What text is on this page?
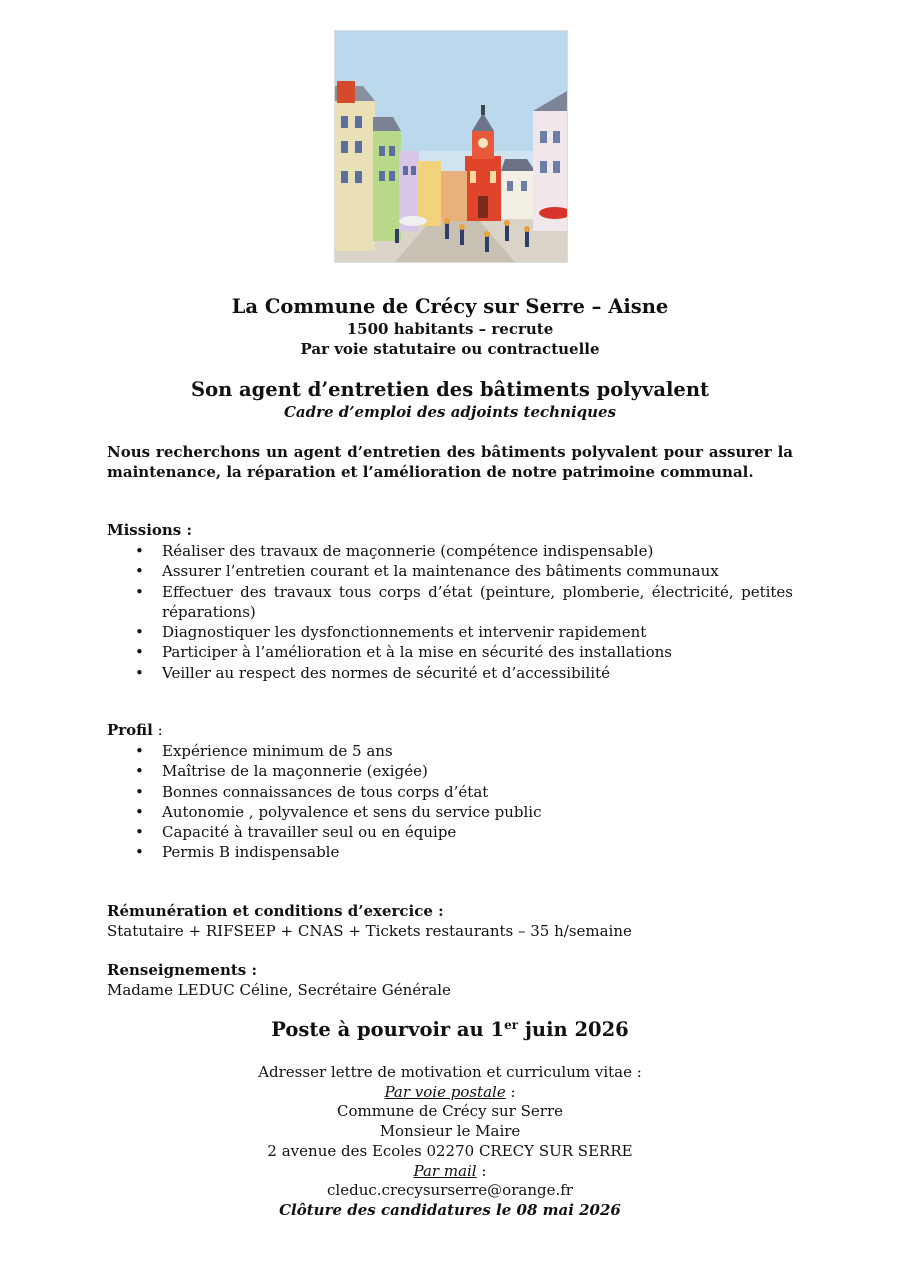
La Commune de Crécy sur Serre – Aisne
1500 habitants – recrute
Par voie statutaire ou contractuelle
Son agent d’entretien des bâtiments polyvalent
Cadre d’emploi des adjoints techniques

Nous recherchons un agent d’entretien des bâtiments polyvalent pour assurer la maintenance, la réparation et l’amélioration de notre patrimoine communal.

Missions :

• Réaliser des travaux de maçonnerie (compétence indispensable)
• Assurer l’entretien courant et la maintenance des bâtiments communaux
• Effectuer des travaux tous corps d’état (peinture, plomberie, électricité, petites réparations)
• Diagnostiquer les dysfonctionnements et intervenir rapidement
• Participer à l’amélioration et à la mise en sécurité des installations
• Veiller au respect des normes de sécurité et d’accessibilité

Profil :

• Expérience minimum de 5 ans
• Maîtrise de la maçonnerie (exigée)
• Bonnes connaissances de tous corps d’état
• Autonomie , polyvalence et sens du service public
• Capacité à travailler seul ou en équipe
• Permis B indispensable

Rémunération et conditions d’exercice :

Statutaire + RIFSEEP + CNAS + Tickets restaurants – 35 h/semaine

Renseignements :

Madame LEDUC Céline, Secrétaire Générale

Poste à pourvoir au 1er juin 2026
Adresser lettre de motivation et curriculum vitae :
Par voie postale :
Commune de Crécy sur Serre
Monsieur le Maire
2 avenue des Ecoles 02270 CRECY SUR SERRE
Par mail :
cleduc.crecysurserre@orange.fr
Clôture des candidatures le 08 mai 2026
